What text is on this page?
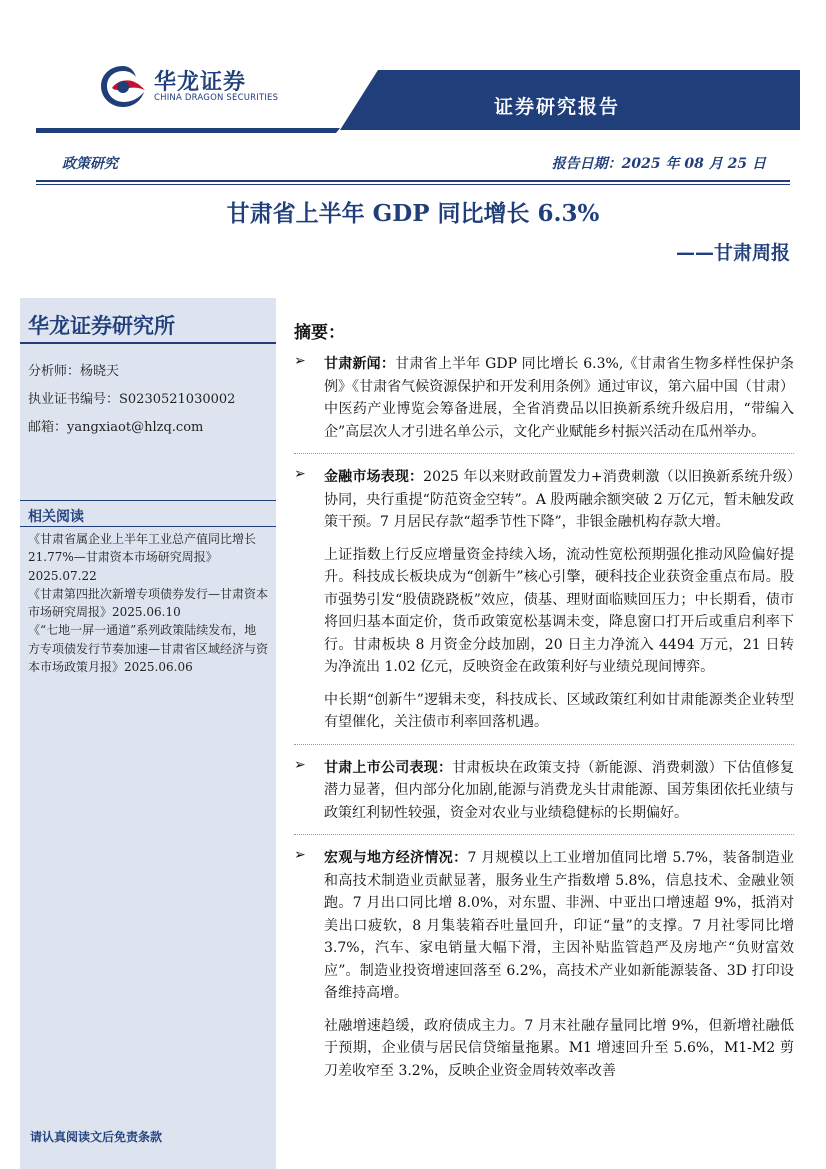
华龙证券
CHINA DRAGON SECURITIES	证券研究报告
政策研究	报告日期：2025 年 08 月 25 日
甘肃省上半年 GDP 同比增长 6.3%
——甘肃周报
华龙证券研究所
分析师：杨晓天
执业证书编号：S0230521030002
邮箱：yangxiaot@hlzq.com
相关阅读

《甘肃省属企业上半年工业总产值同比增长 21.77%—甘肃资本市场研究周报》2025.07.22

《甘肃第四批次新增专项债券发行—甘肃资本市场研究周报》2025.06.10

《“七地一屏一通道”系列政策陆续发布，地方专项债发行节奏加速—甘肃省区域经济与资本市场政策月报》2025.06.06

请认真阅读文后免责条款
摘要：
➢ 甘肃新闻：甘肃省上半年 GDP 同比增长 6.3%,《甘肃省生物多样性保护条例》《甘肃省气候资源保护和开发利用条例》通过审议，第六届中国（甘肃）中医药产业博览会筹备进展，全省消费品以旧换新系统升级启用，“带编入企”高层次人才引进名单公示，文化产业赋能乡村振兴活动在瓜州举办。

➢ 金融市场表现：2025 年以来财政前置发力+消费刺激（以旧换新系统升级）协同，央行重提“防范资金空转”。A 股两融余额突破 2 万亿元，暂未触发政策干预。7 月居民存款“超季节性下降”，非银金融机构存款大增。

上证指数上行反应增量资金持续入场，流动性宽松预期强化推动风险偏好提升。科技成长板块成为“创新牛”核心引擎，硬科技企业获资金重点布局。股市强势引发“股债跷跷板”效应，债基、理财面临赎回压力；中长期看，债市将回归基本面定价，货币政策宽松基调未变，降息窗口打开后或重启利率下行。甘肃板块 8 月资金分歧加剧，20 日主力净流入 4494 万元，21 日转为净流出 1.02 亿元，反映资金在政策利好与业绩兑现间博弈。

中长期“创新牛”逻辑未变，科技成长、区域政策红利如甘肃能源类企业转型有望催化，关注债市利率回落机遇。

➢ 甘肃上市公司表现：甘肃板块在政策支持（新能源、消费刺激）下估值修复潜力显著，但内部分化加剧,能源与消费龙头甘肃能源、国芳集团依托业绩与政策红利韧性较强，资金对农业与业绩稳健标的长期偏好。

➢ 宏观与地方经济情况：7 月规模以上工业增加值同比增 5.7%，装备制造业和高技术制造业贡献显著，服务业生产指数增 5.8%，信息技术、金融业领跑。7 月出口同比增 8.0%，对东盟、非洲、中亚出口增速超 9%，抵消对美出口疲软，8 月集装箱吞吐量回升，印证“量”的支撑。7 月社零同比增 3.7%，汽车、家电销量大幅下滑，主因补贴监管趋严及房地产“负财富效应”。制造业投资增速回落至 6.2%，高技术产业如新能源装备、3D 打印设备维持高增。

社融增速趋缓，政府债成主力。7 月末社融存量同比增 9%，但新增社融低于预期，企业债与居民信贷缩量拖累。M1 增速回升至 5.6%，M1-M2 剪刀差收窄至 3.2%，反映企业资金周转效率改善
